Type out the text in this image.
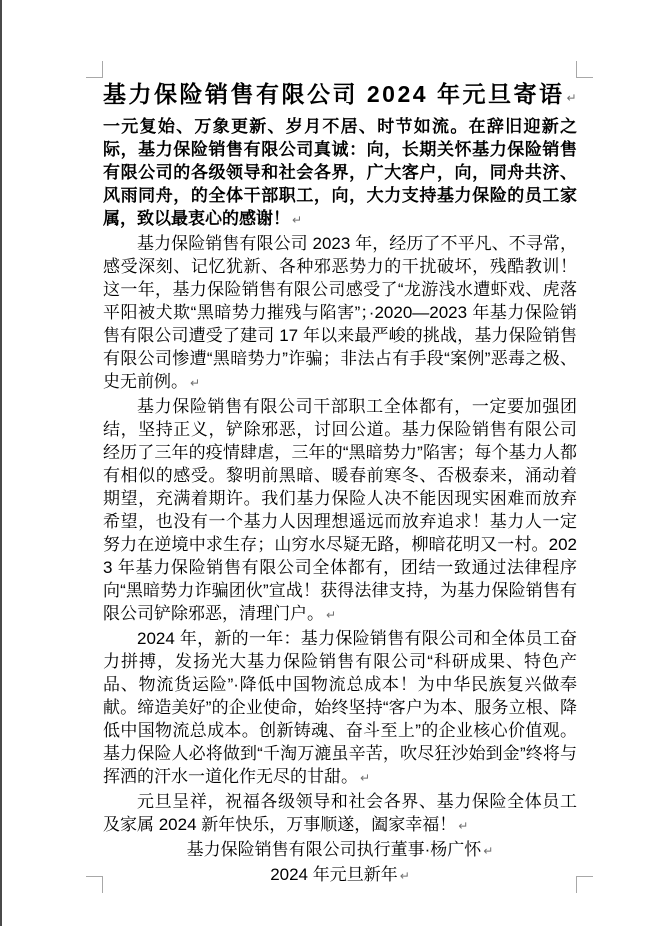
基力保险销售有限公司 2024 年元旦寄语 ↵

一元复始、万象更新、岁月不居、时节如流。在辞旧迎新之际，基力保险销售有限公司真诚：向，长期关怀基力保险销售有限公司的各级领导和社会各界，广大客户，向，同舟共济、风雨同舟，的全体干部职工，向，大力支持基力保险的员工家属，致以最衷心的感谢！ ↵

基力保险销售有限公司 2023 年，经历了不平凡、不寻常，感受深刻、记忆犹新、各种邪恶势力的干扰破坏，残酷教训！这一年，基力保险销售有限公司感受了“龙游浅水遭虾戏、虎落平阳被犬欺“黑暗势力摧残与陷害”；·2020—2023 年基力保险销售有限公司遭受了建司 17 年以来最严峻的挑战，基力保险销售有限公司惨遭“黑暗势力”诈骗；非法占有手段“案例”恶毒之极、史无前例。 ↵

基力保险销售有限公司干部职工全体都有，一定要加强团结，坚持正义，铲除邪恶，讨回公道。基力保险销售有限公司经历了三年的疫情肆虐，三年的“黑暗势力”陷害；每个基力人都有相似的感受。黎明前黑暗、暖春前寒冬、否极泰来，涌动着期望，充满着期许。我们基力保险人决不能因现实困难而放弃希望，也没有一个基力人因理想遥远而放弃追求！基力人一定努力在逆境中求生存；山穷水尽疑无路，柳暗花明又一村。2023 年基力保险销售有限公司全体都有，团结一致通过法律程序向“黑暗势力诈骗团伙”宣战！获得法律支持，为基力保险销售有限公司铲除邪恶，清理门户。 ↵

2024 年，新的一年：基力保险销售有限公司和全体员工奋力拼搏，发扬光大基力保险销售有限公司“科研成果、特色产品、物流货运险”·降低中国物流总成本！为中华民族复兴做奉献。缔造美好”的企业使命，始终坚持“客户为本、服务立根、降低中国物流总成本。创新铸魂、奋斗至上”的企业核心价值观。基力保险人必将做到“千淘万漉虽辛苦，吹尽狂沙始到金”终将与挥洒的汗水一道化作无尽的甘甜。 ↵

元旦呈祥，祝福各级领导和社会各界、基力保险全体员工及家属 2024 新年快乐，万事顺遂，阖家幸福！ ↵

基力保险销售有限公司执行董事·杨广怀 ↵

2024 年元旦新年 ↵
